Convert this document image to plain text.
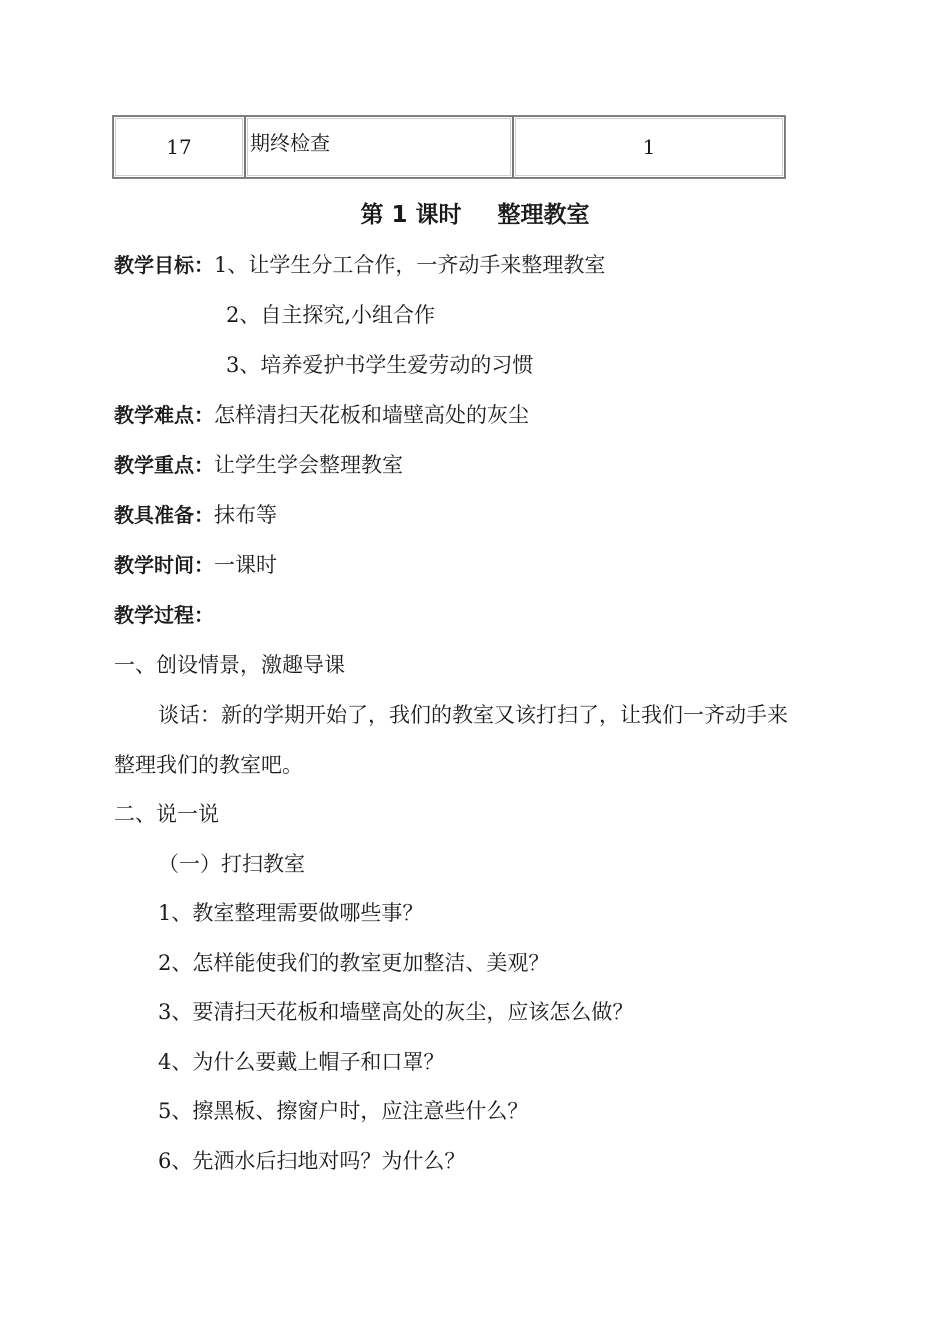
17	期终检查	1
第 1 课时 整理教室
教学目标：1、让学生分工合作，一齐动手来整理教室
2、自主探究,小组合作
3、培养爱护书学生爱劳动的习惯
教学难点：怎样清扫天花板和墙壁高处的灰尘
教学重点：让学生学会整理教室
教具准备：抹布等
教学时间：一课时
教学过程：
一、创设情景，激趣导课
谈话：新的学期开始了，我们的教室又该打扫了，让我们一齐动手来
整理我们的教室吧。
二、说一说
（一）打扫教室
1、教室整理需要做哪些事？
2、怎样能使我们的教室更加整洁、美观？
3、要清扫天花板和墙壁高处的灰尘，应该怎么做？
4、为什么要戴上帽子和口罩？
5、擦黑板、擦窗户时，应注意些什么？
6、先洒水后扫地对吗？为什么？
